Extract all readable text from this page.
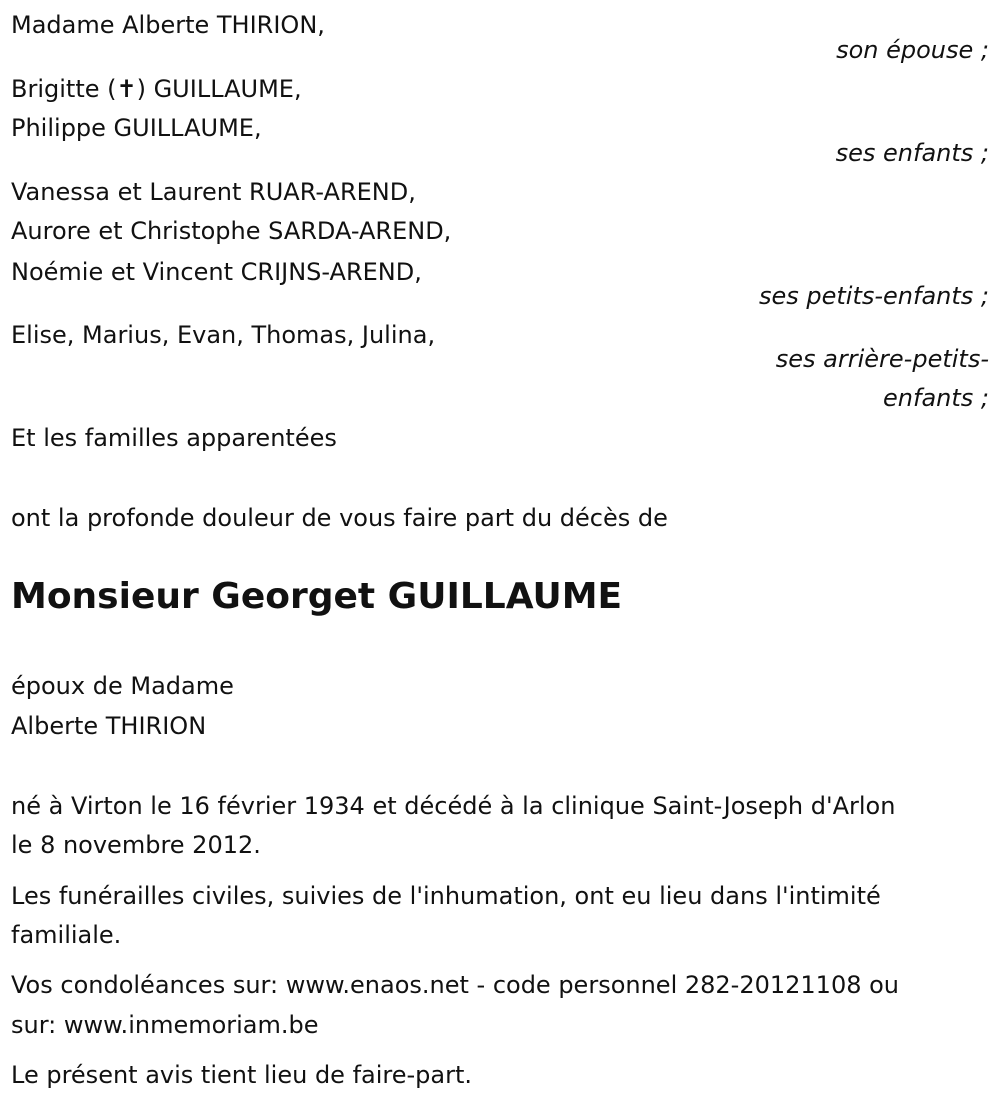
Madame Alberte THIRION,
son épouse ;
Brigitte (✝) GUILLAUME,
Philippe GUILLAUME,
ses enfants ;
Vanessa et Laurent RUAR-AREND,
Aurore et Christophe SARDA-AREND,
Noémie et Vincent CRIJNS-AREND,
ses petits-enfants ;
Elise, Marius, Evan, Thomas, Julina,
ses arrière-petits-
enfants ;
Et les familles apparentées
ont la profonde douleur de vous faire part du décès de
Monsieur Georget GUILLAUME
époux de Madame
Alberte THIRION
né à Virton le 16 février 1934 et décédé à la clinique Saint-Joseph d'Arlon
le 8 novembre 2012.
Les funérailles civiles, suivies de l'inhumation, ont eu lieu dans l'intimité
familiale.
Vos condoléances sur: www.enaos.net - code personnel 282-20121108 ou
sur: www.inmemoriam.be
Le présent avis tient lieu de faire-part.
